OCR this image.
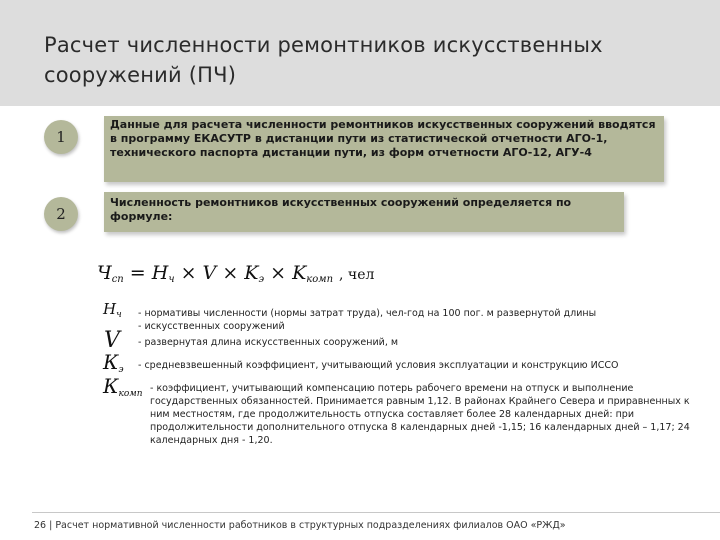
Расчет численности ремонтников искусственных
сооружений (ПЧ)
1
Данные для расчета численности ремонтников искусственных сооружений вводятся в программу ЕКАСУТР в дистанции пути из статистической отчетности АГО-1, технического паспорта дистанции пути, из форм отчетности АГО-12, АГУ-4
2
Численность ремонтников искусственных сооружений определяется по формуле:
$Ч_{сп} = Н_ч \times V \times K_э \times K_{комп}$ , чел
$Н_ч$ - нормативы численности (нормы затрат труда), чел-год на 100 пог. м развернутой длины
- искусственных сооружений
V - развернутая длина искусственных сооружений, м
$К_э$ - средневзвешенный коэффициент, учитывающий условия эксплуатации и конструкцию ИССО
$К_{комп}$ - коэффициент, учитывающий компенсацию потерь рабочего времени на отпуск и выполнение государственных обязанностей. Принимается равным 1,12. В районах Крайнего Севера и приравненных к ним местностям, где продолжительность отпуска составляет более 28 календарных дней: при продолжительности дополнительного отпуска 8 календарных дней -1,15; 16 календарных дней – 1,17; 24 календарных дня - 1,20.
26 | Расчет нормативной численности работников в структурных подразделениях филиалов ОАО «РЖД»
